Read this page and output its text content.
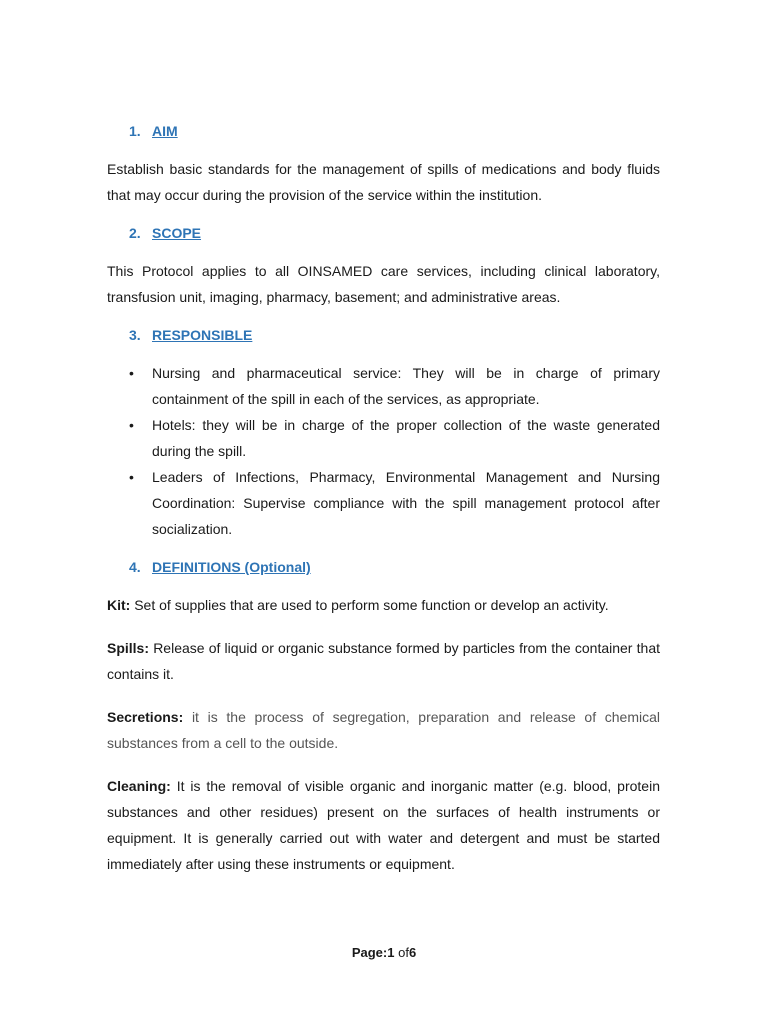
1. AIM

Establish basic standards for the management of spills of medications and body fluids that may occur during the provision of the service within the institution.

2. SCOPE

This Protocol applies to all OINSAMED care services, including clinical laboratory, transfusion unit, imaging, pharmacy, basement; and administrative areas.

3. RESPONSIBLE
• Nursing and pharmaceutical service: They will be in charge of primary containment of the spill in each of the services, as appropriate.
• Hotels: they will be in charge of the proper collection of the waste generated during the spill.
• Leaders of Infections, Pharmacy, Environmental Management and Nursing Coordination: Supervise compliance with the spill management protocol after socialization.
4. DEFINITIONS (Optional)

Kit: Set of supplies that are used to perform some function or develop an activity.

Spills: Release of liquid or organic substance formed by particles from the container that contains it.

Secretions: it is the process of segregation, preparation and release of chemical substances from a cell to the outside.

Cleaning: It is the removal of visible organic and inorganic matter (e.g. blood, protein substances and other residues) present on the surfaces of health instruments or equipment. It is generally carried out with water and detergent and must be started immediately after using these instruments or equipment.

Page:1 of6
